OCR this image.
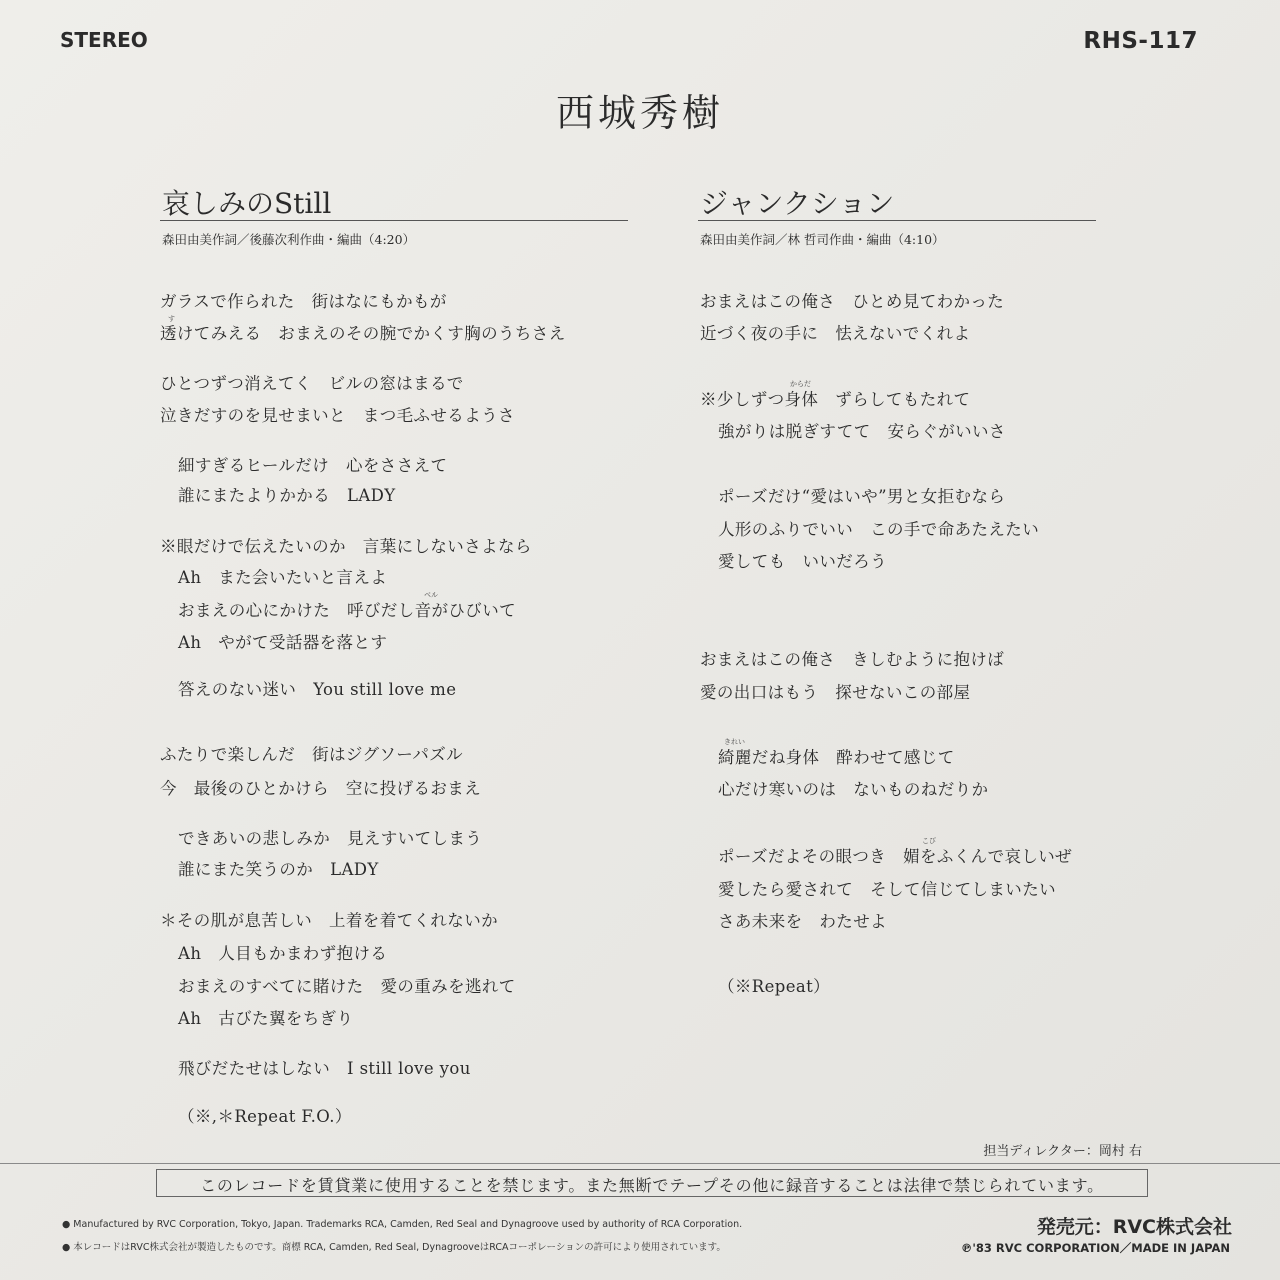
STEREO	RHS-117
西城秀樹
哀しみのStill
森田由美作詞／後藤次利作曲・編曲（4:20）
ガラスで作られた　街はなにもかもが
透けてみえる　おまえのその腕でかくす胸のうちさえ
す
ひとつずつ消えてく　ビルの窓はまるで
泣きだすのを見せまいと　まつ毛ふせるようさ
細すぎるヒールだけ　心をささえて
誰にまたよりかかる　LADY
※眼だけで伝えたいのか　言葉にしないさよなら
Ah　また会いたいと言えよ
おまえの心にかけた　呼びだし音がひびいて
ベル
Ah　やがて受話器を落とす
答えのない迷い　You still love me
ふたりで楽しんだ　街はジグソーパズル
今　最後のひとかけら　空に投げるおまえ
できあいの悲しみか　見えすいてしまう
誰にまた笑うのか　LADY
＊その肌が息苦しい　上着を着てくれないか
Ah　人目もかまわず抱ける
おまえのすべてに賭けた　愛の重みを逃れて
Ah　古びた翼をちぎり
飛びだたせはしない　I still love you
（※,＊Repeat F.O.）
ジャンクション
森田由美作詞／林 哲司作曲・編曲（4:10）
おまえはこの俺さ　ひとめ見てわかった
近づく夜の手に　怯えないでくれよ
※少しずつ身体　ずらしてもたれて
からだ
強がりは脱ぎすてて　安らぐがいいさ
ポーズだけ“愛はいや”男と女拒むなら
人形のふりでいい　この手で命あたえたい
愛しても　いいだろう
おまえはこの俺さ　きしむように抱けば
愛の出口はもう　探せないこの部屋
綺麗だね身体　酔わせて感じて
きれい
心だけ寒いのは　ないものねだりか
ポーズだよその眼つき　媚をふくんで哀しいぜ
こび
愛したら愛されて　そして信じてしまいたい
さあ未来を　わたせよ
（※Repeat）
担当ディレクター：岡村 右
このレコードを賃貸業に使用することを禁じます。また無断でテープその他に録音することは法律で禁じられています。
● Manufactured by RVC Corporation, Tokyo, Japan. Trademarks RCA, Camden, Red Seal and Dynagroove used by authority of RCA Corporation.
● 本レコードはRVC株式会社が製造したものです。商標 RCA, Camden, Red Seal, DynagrooveはRCAコーポレーションの許可により使用されています。
発売元：RVC株式会社
℗'83 RVC CORPORATION／MADE IN JAPAN
